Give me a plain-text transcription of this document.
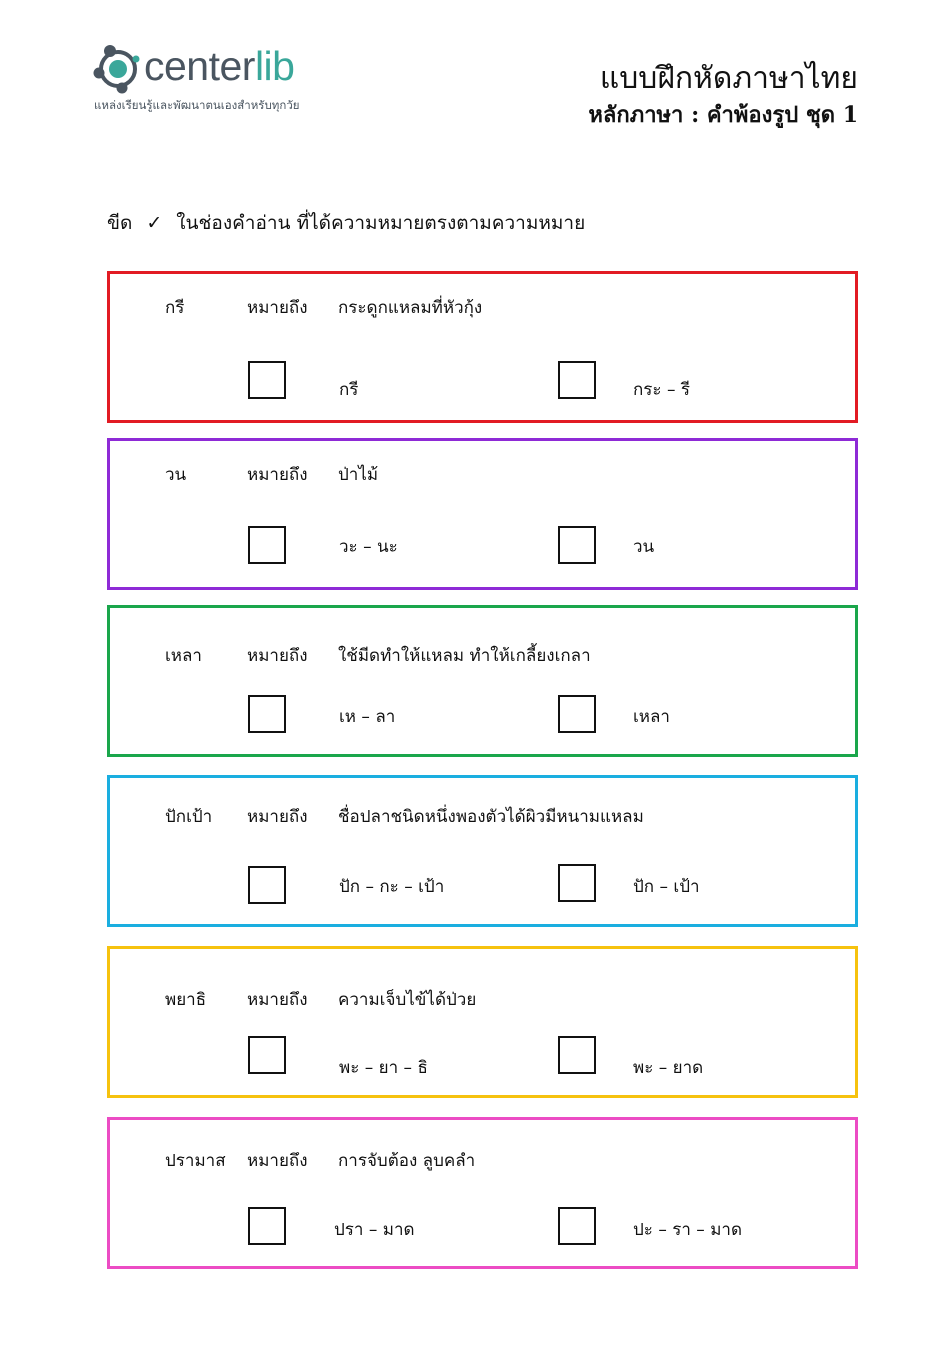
centerlib
แหล่งเรียนรู้และพัฒนาตนเองสำหรับทุกวัย
แบบฝึกหัดภาษาไทย
หลักภาษา : คำพ้องรูป ชุด 1
ขีด ✓ ในช่องคำอ่าน ที่ได้ความหมายตรงตามความหมาย
กรี	หมายถึง กระดูกแหลมที่หัวกุ้ง
กรี	กระ – รี
วน	หมายถึง ป่าไม้
วะ – นะ	วน
เหลา	หมายถึง ใช้มีดทำให้แหลม ทำให้เกลี้ยงเกลา
เห – ลา	เหลา
ปักเป้า หมายถึง ชื่อปลาชนิดหนึ่งพองตัวได้ผิวมีหนามแหลม
ปัก – กะ – เป้า	ปัก – เป้า
พยาธิ หมายถึง ความเจ็บไข้ได้ป่วย
พะ – ยา – ธิ	พะ – ยาด
ปรามาส หมายถึง การจับต้อง ลูบคลำ
ปรา – มาด	ปะ – รา – มาด
